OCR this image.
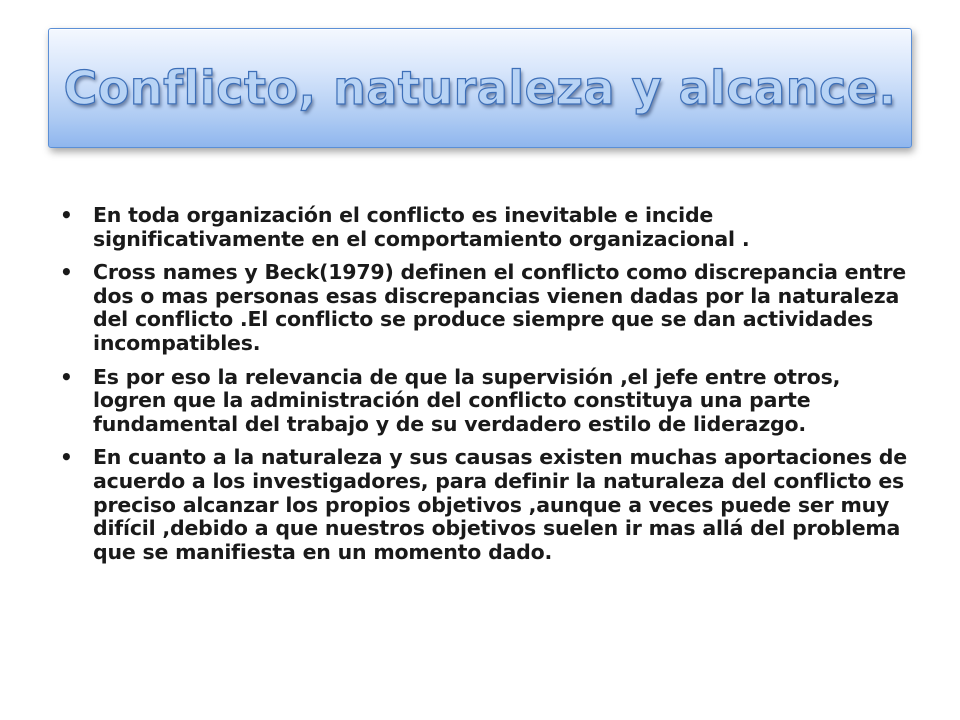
Conflicto, naturaleza y alcance.
• En toda organización el conflicto es inevitable e incide significativamente en el comportamiento organizacional .
• Cross names y Beck(1979) definen el conflicto como discrepancia entre dos o mas personas esas discrepancias vienen dadas por la naturaleza del conflicto .El conflicto se produce siempre que se dan actividades incompatibles.
• Es por eso la relevancia de que la supervisión ,el jefe entre otros, logren que la administración del conflicto constituya una parte fundamental del trabajo y de su verdadero estilo de liderazgo.
• En cuanto a la naturaleza y sus causas existen muchas aportaciones de acuerdo a los investigadores, para definir la naturaleza del conflicto es preciso alcanzar los propios objetivos ,aunque a veces puede ser muy difícil ,debido a que nuestros objetivos suelen ir mas allá del problema que se manifiesta en un momento dado.
